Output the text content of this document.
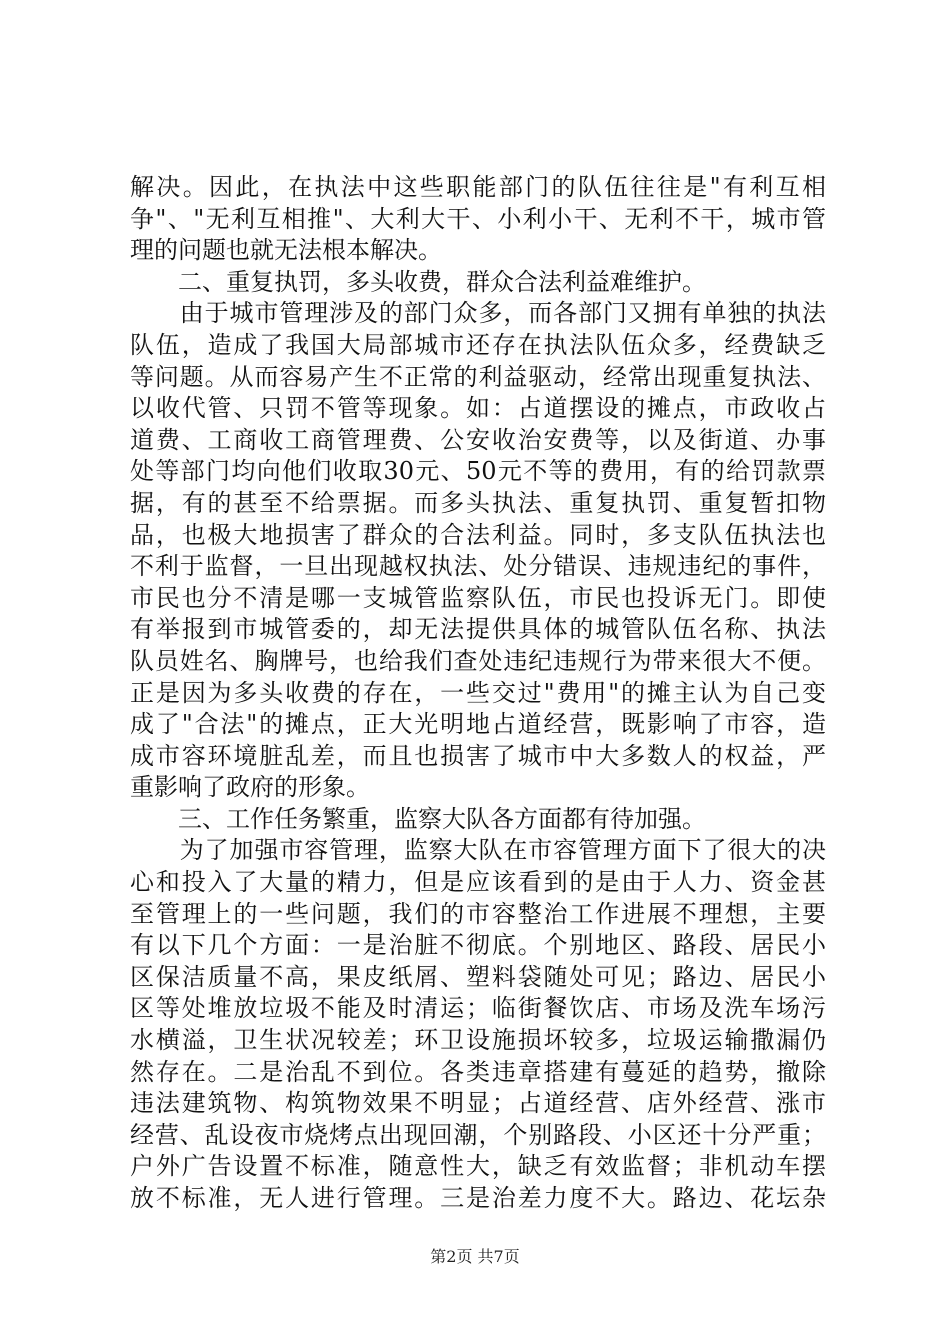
解决。因此，在执法中这些职能部门的队伍往往是"有利互相
争"、"无利互相推"、大利大干、小利小干、无利不干，城市管
理的问题也就无法根本解决。
　　二、重复执罚，多头收费，群众合法利益难维护。
　　由于城市管理涉及的部门众多，而各部门又拥有单独的执法
队伍，造成了我国大局部城市还存在执法队伍众多，经费缺乏
等问题。从而容易产生不正常的利益驱动，经常出现重复执法、
以收代管、只罚不管等现象。如：占道摆设的摊点，市政收占
道费、工商收工商管理费、公安收治安费等，以及街道、办事
处等部门均向他们收取30元、50元不等的费用，有的给罚款票
据，有的甚至不给票据。而多头执法、重复执罚、重复暂扣物
品，也极大地损害了群众的合法利益。同时，多支队伍执法也
不利于监督，一旦出现越权执法、处分错误、违规违纪的事件，
市民也分不清是哪一支城管监察队伍，市民也投诉无门。即使
有举报到市城管委的，却无法提供具体的城管队伍名称、执法
队员姓名、胸牌号，也给我们查处违纪违规行为带来很大不便。
正是因为多头收费的存在，一些交过"费用"的摊主认为自己变
成了"合法"的摊点，正大光明地占道经营，既影响了市容，造
成市容环境脏乱差，而且也损害了城市中大多数人的权益，严
重影响了政府的形象。
　　三、工作任务繁重，监察大队各方面都有待加强。
　　为了加强市容管理，监察大队在市容管理方面下了很大的决
心和投入了大量的精力，但是应该看到的是由于人力、资金甚
至管理上的一些问题，我们的市容整治工作进展不理想，主要
有以下几个方面：一是治脏不彻底。个别地区、路段、居民小
区保洁质量不高，果皮纸屑、塑料袋随处可见；路边、居民小
区等处堆放垃圾不能及时清运；临街餐饮店、市场及洗车场污
水横溢，卫生状况较差；环卫设施损坏较多，垃圾运输撒漏仍
然存在。二是治乱不到位。各类违章搭建有蔓延的趋势，撤除
违法建筑物、构筑物效果不明显；占道经营、店外经营、涨市
经营、乱设夜市烧烤点出现回潮，个别路段、小区还十分严重；
户外广告设置不标准，随意性大，缺乏有效监督；非机动车摆
放不标准，无人进行管理。三是治差力度不大。路边、花坛杂
第2页 共7页
